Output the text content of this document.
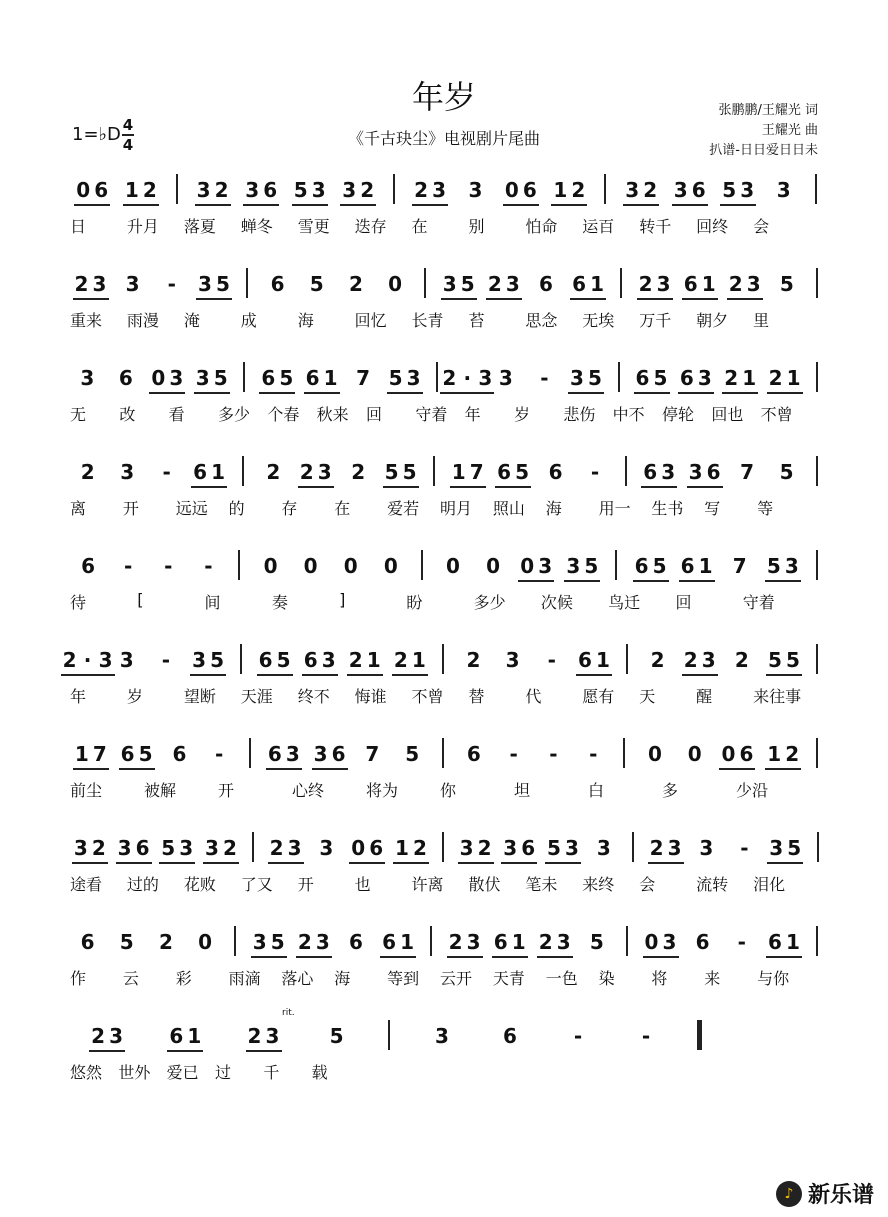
年岁
《千古玦尘》电视剧片尾曲
1=♭D 4
4
张鹏鹏/王耀光 词
王耀光 曲
扒谱-日日爱日日未
0 6 1 2 3 2 3 6 5 3 3 2 2 3 3 0 6 1 2 3 2 3 6 5 3 3
日	升月 落夏 蝉冬 雪更 迭存 在	别	怕命 运百 转千 回终 会
2 3 3 - 3 5 6 5 2 0 3 5 2 3 6 6 1 2 3 6 1 2 3 5
重来 雨漫 淹	成	海	回忆 长青 苔	思念 无埃 万千 朝夕 里
3 6 0 3 3 5 6 5 6 1 7 5 3 2 · 3 3 - 3 5 6 5 6 3 2 1 2 1
无 改 看 多少 个春 秋来 回 守着 年 岁 悲伤 中不 停轮 回也 不曾
2 3 - 6 1 2 2 3 2 5 5 1 7 6 5 6 - 6 3 3 6 7 5
离 开 远远 的 存 在 爱若 明月 照山 海 用一 生书 写 等
6 - - -	0 0 0 0 0 0 0 3 3 5 6 5 6 1 7 5 3
待	[	间	奏	]	盼	多少 次候 鸟迁 回	守着
2 · 3 3 - 3 5 6 5 6 3 2 1 2 1 2 3 - 6 1 2 2 3 2 5 5
年	岁	望断 天涯 终不 悔谁 不曾 替	代	愿有 天	醒	来往事
1 7 6 5 6 - 6 3 3 6 7 5 6 - - -	0 0 0 6 1 2
前尘	被解	开	心终	将为	你	坦	白	多	少沿
3 2 3 6 5 3 3 2 2 3 3 0 6 1 2 3 2 3 6 5 3 3 2 3 3 - 3 5
途看 过的 花败 了又 开	也	许离 散伏 笔未 来终 会	流转 泪化
6 5 2 0 3 5 2 3 6 6 1 2 3 6 1 2 3 5 0 3 6 - 6 1
作 云 彩 雨滴 落心 海 等到 云开 天青 一色 染 将 来 与你
2 3 6 1 2 3	5	3	6	-	-
rit.
悠然 世外 爱已 过 千 载
♪ 新乐谱
